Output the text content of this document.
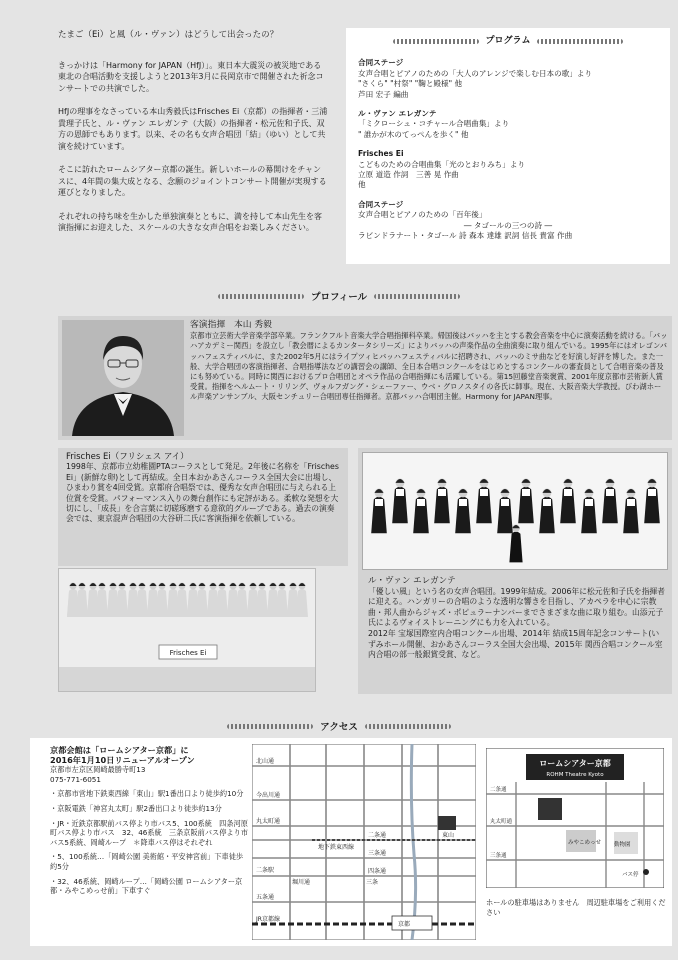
たまご（Ei）と風（ル・ヴァン）はどうして出会ったの？

きっかけは「Harmony for JAPAN（HfJ）」。東日本大震災の被災地である東北の合唱活動を支援しようと2013年3月に長岡京市で開催された祈念コンサートでの共演でした。

HfJの理事をなさっている本山秀毅氏はFrisches Ei（京都）の指揮者・三浦貴理子氏と、ル・ヴァン エレガンテ（大阪）の指揮者・松元佐和子氏、双方の恩師でもあります。以来、その名も女声合唱団「結」（ゆい）として共演を続けています。

そこに訪れたロームシアター京都の誕生。新しいホールの幕開けをチャンスに、4年間の集大成となる、念願のジョイントコンサート開催が実現する運びとなりました。

それぞれの持ち味を生かした単独演奏とともに、満を持して本山先生を客演指揮にお迎えした、スケールの大きな女声合唱をお楽しみください。

プログラム
合同ステージ
女声合唱とピアノのための「大人のアレンジで楽しむ日本の歌」より
"さくら" "村祭" "鞠と殿様" 他
芦田 宏子 編曲
ル・ヴァン エレガンテ
「ミクローシュ・コチャール合唱曲集」より
" 誰かが木のてっぺんを歩く" 他
Frisches Ei
こどものための合唱曲集「光のとおりみち」より
立原 道造 作詞　三善 晃 作曲
他
合同ステージ
女声合唱とピアノのための「百年後」
― タゴールの三つの詩 ―
ラビンドラナート・タゴール 詩 森本 達雄 訳詞 信長 貴富 作曲
プロフィール
客演指揮　本山 秀毅
京都市立芸術大学音楽学部卒業。フランクフルト音楽大学合唱指揮科卒業。帰国後はバッハを主とする教会音楽を中心に演奏活動を続ける。「バッハアカデミー関西」を設立し「教会暦によるカンタータシリーズ」によりバッハの声楽作品の全曲演奏に取り組んでいる。1995年にはオレゴンバッハフェスティバルに、また2002年5月にはライプツィヒバッハフェスティバルに招聘され、バッハのミサ曲などを好演し好評を博した。また一般、大学合唱団の客演指揮者、合唱指導法などの講習会の講師、全日本合唱コンクールをはじめとするコンクールの審査員として合唱音楽の普及にも努めている。同時に関西におけるプロ合唱団とオペラ作品の合唱指揮にも活躍している。第15回藤堂音楽褒賞、2001年度京都市芸術新人賞受賞。指揮をヘルムート・リリング、ヴォルフガング・シェーファー、ウベ・グロノスタイの各氏に師事。現在、大阪音楽大学教授。びわ湖ホール声楽アンサンブル、大阪センチュリー合唱団専任指揮者。京都バッハ合唱団主催。Harmony for JAPAN理事。
Frisches Ei（フリシェス アイ）
1998年、京都市立幼稚園PTAコーラスとして発足。2年後に名称を「Frisches Ei」(新鮮な卵)として再結成。全日本おかあさんコーラス全国大会に出場し、ひまわり賞を4回受賞。京都府合唱祭では、優秀な女声合唱団に与えられる上位賞を受賞。パフォーマンス入りの舞台創作にも定評がある。柔軟な発想を大切にし、「成長」を合言葉に切磋琢磨する意欲的グループである。過去の演奏会では、東京混声合唱団の大谷研二氏に客演指揮を依頼している。
Frisches Ei
ル・ヴァン エレガンテ
「優しい風」という名の女声合唱団。1999年結成。2006年に松元佐和子氏を指揮者に迎える。ハンガリーの合唱のような透明な響きを目指し、アカペラを中心に宗教曲・邦人曲からジャズ・ポピュラーナンバーまでさまざまな曲に取り組む。山添元子氏によるヴォイストレーニングにも力を入れている。
2012年 宝塚国際室内合唱コンクール出場、2014年 結成15周年記念コンサート(いずみホール開催、おかあさんコーラス全国大会出場、2015年 関西合唱コンクール室内合唱の部一般銀賞受賞、など。
アクセス
京都会館は「ロームシアター京都」に
2016年1月10日リニューアルオープン
京都市左京区岡崎最勝寺町13

075-771-6051

・京都市営地下鉄東西線「東山」駅1番出口より徒歩約10分

・京阪電鉄「神宮丸太町」駅2番出口より徒歩約13分

・JR・近鉄京都駅前バス停より市バス5、100系統　四条河原町バス停より市バス　32、46系統　三条京阪前バス停より市バス5系統、岡崎ループ　＊降車バス停はそれぞれ

・5、100系統…「岡崎公園 美術館・平安神宮前」下車徒歩約5分

・32、46系統、岡崎ループ…「岡崎公園 ロームシアター京都・みやこめっせ前」下車すぐ

北山通
今出川通
丸太町通
二条通
三条通
四条通
五条通
東山
京都
JR京都線
地下鉄東西線
堀川通	三条
二条駅
ロームシアター京都
ROHM Theatre Kyoto
二条通
丸太町通
三条通
みやこめっせ 動物園
バス停
ホールの駐車場はありません　周辺駐車場をご利用ください
